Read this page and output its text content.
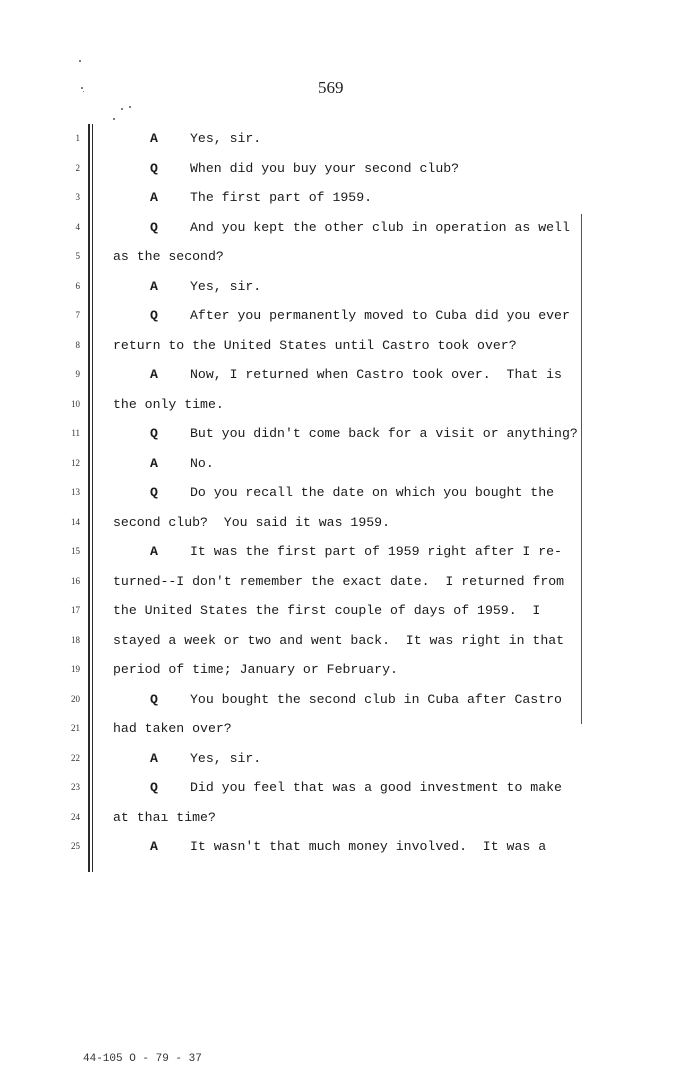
569
1
2
3
4
5
6
7
8
9
10
11
12
13
14
15
16
17
18
19
20
21
22
23
24
25
A Yes, sir.
Q When did you buy your second club?
A The first part of 1959.
Q And you kept the other club in operation as well
as the second?
A Yes, sir.
Q After you permanently moved to Cuba did you ever
return to the United States until Castro took over?
A Now, I returned when Castro took over.  That is
the only time.
Q But you didn't come back for a visit or anything?
A No.
Q Do you recall the date on which you bought the
second club?  You said it was 1959.
A It was the first part of 1959 right after I re-
turned--I don't remember the exact date.  I returned from
the United States the first couple of days of 1959.  I
stayed a week or two and went back.  It was right in that
period of time; January or February.
Q You bought the second club in Cuba after Castro
had taken over?
A Yes, sir.
Q Did you feel that was a good investment to make
at thaı time?
A It wasn't that much money involved.  It was a
44-105 O - 79 - 37
